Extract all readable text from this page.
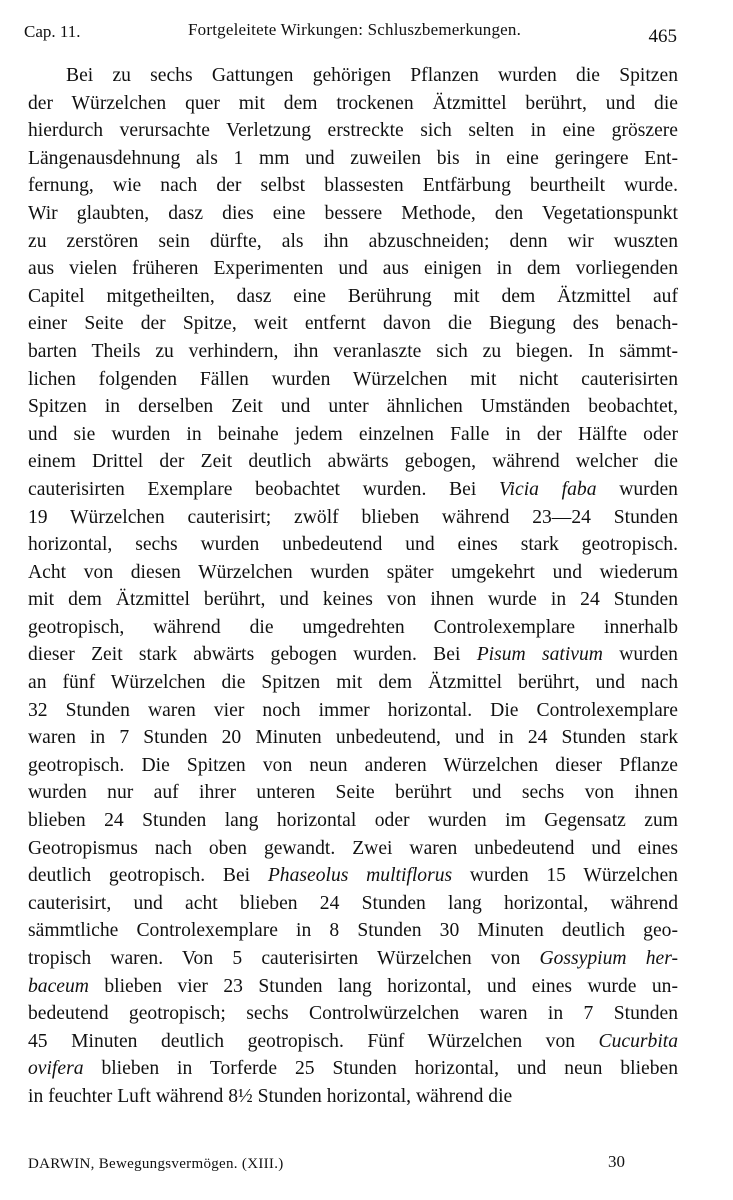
Cap. 11.	Fortgeleitete Wirkungen: Schluszbemerkungen.	465
Bei zu sechs Gattungen gehörigen Pflanzen wurden die Spitzen
der Würzelchen quer mit dem trockenen Ätzmittel berührt, und die
hierdurch verursachte Verletzung erstreckte sich selten in eine gröszere
Längenausdehnung als 1 mm und zuweilen bis in eine geringere Ent-
fernung, wie nach der selbst blassesten Entfärbung beurtheilt wurde.
Wir glaubten, dasz dies eine bessere Methode, den Vegetationspunkt
zu zerstören sein dürfte, als ihn abzuschneiden; denn wir wuszten
aus vielen früheren Experimenten und aus einigen in dem vorliegenden
Capitel mitgetheilten, dasz eine Berührung mit dem Ätzmittel auf
einer Seite der Spitze, weit entfernt davon die Biegung des benach-
barten Theils zu verhindern, ihn veranlaszte sich zu biegen. In sämmt-
lichen folgenden Fällen wurden Würzelchen mit nicht cauterisirten
Spitzen in derselben Zeit und unter ähnlichen Umständen beobachtet,
und sie wurden in beinahe jedem einzelnen Falle in der Hälfte oder
einem Drittel der Zeit deutlich abwärts gebogen, während welcher die
cauterisirten Exemplare beobachtet wurden. Bei Vicia faba wurden
19 Würzelchen cauterisirt; zwölf blieben während 23—24 Stunden
horizontal, sechs wurden unbedeutend und eines stark geotropisch.
Acht von diesen Würzelchen wurden später umgekehrt und wiederum
mit dem Ätzmittel berührt, und keines von ihnen wurde in 24 Stunden
geotropisch, während die umgedrehten Controlexemplare innerhalb
dieser Zeit stark abwärts gebogen wurden. Bei Pisum sativum wurden
an fünf Würzelchen die Spitzen mit dem Ätzmittel berührt, und nach
32 Stunden waren vier noch immer horizontal. Die Controlexemplare
waren in 7 Stunden 20 Minuten unbedeutend, und in 24 Stunden stark
geotropisch. Die Spitzen von neun anderen Würzelchen dieser Pflanze
wurden nur auf ihrer unteren Seite berührt und sechs von ihnen
blieben 24 Stunden lang horizontal oder wurden im Gegensatz zum
Geotropismus nach oben gewandt. Zwei waren unbedeutend und eines
deutlich geotropisch. Bei Phaseolus multiflorus wurden 15 Würzelchen
cauterisirt, und acht blieben 24 Stunden lang horizontal, während
sämmtliche Controlexemplare in 8 Stunden 30 Minuten deutlich geo-
tropisch waren. Von 5 cauterisirten Würzelchen von Gossypium her-
baceum blieben vier 23 Stunden lang horizontal, und eines wurde un-
bedeutend geotropisch; sechs Controlwürzelchen waren in 7 Stunden
45 Minuten deutlich geotropisch. Fünf Würzelchen von Cucurbita
ovifera blieben in Torferde 25 Stunden horizontal, und neun blieben
in feuchter Luft während 8½ Stunden horizontal, während die
DARWIN, Bewegungsvermögen. (XIII.)	30
